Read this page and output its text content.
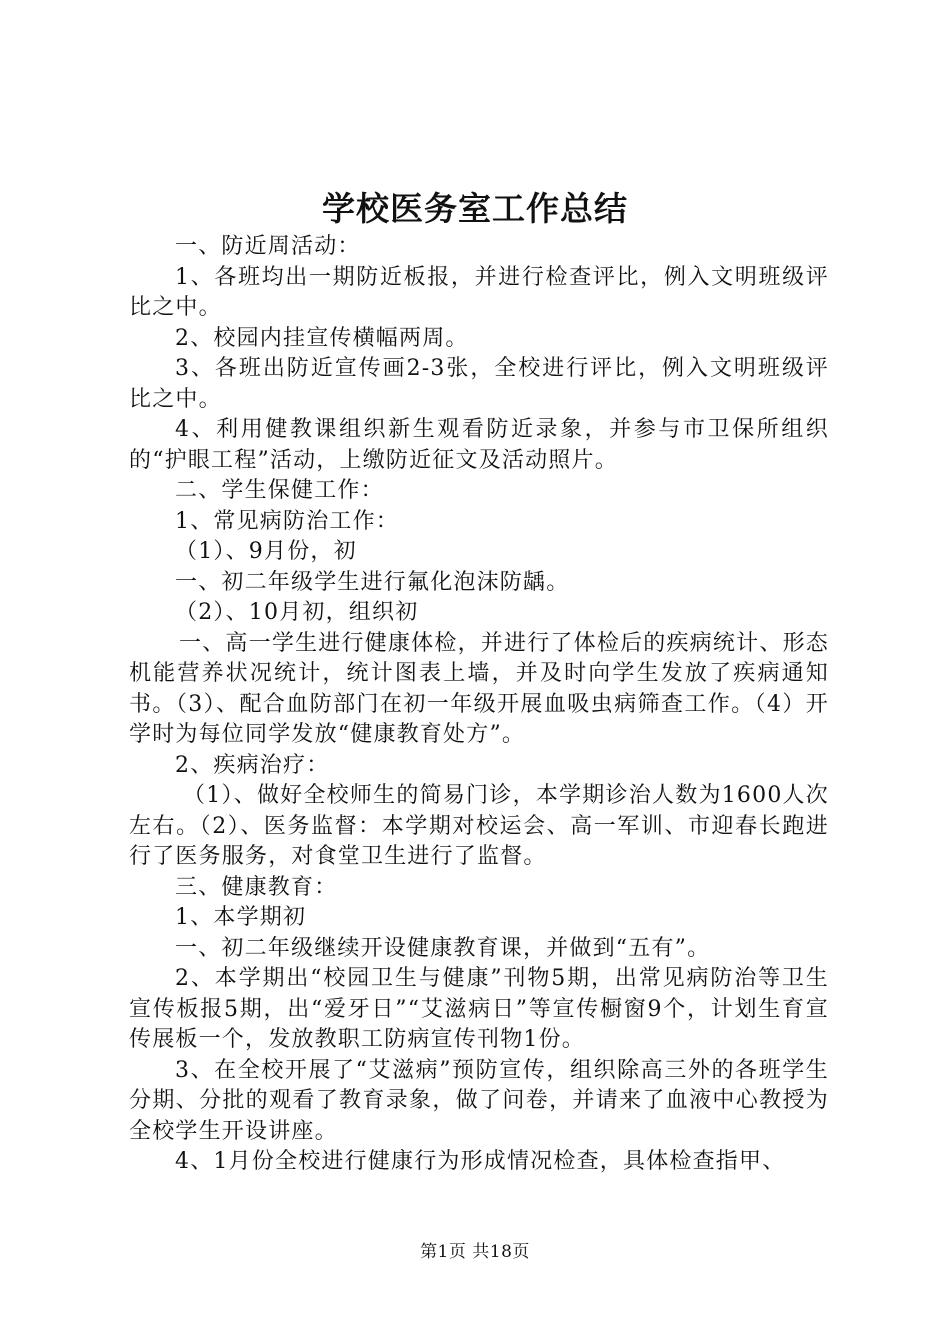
学校医务室工作总结

一、防近周活动：

1、各班均出一期防近板报，并进行检查评比，例入文明班级评比之中。

2、校园内挂宣传横幅两周。

3、各班出防近宣传画2-3张，全校进行评比，例入文明班级评比之中。

4、利用健教课组织新生观看防近录象，并参与市卫保所组织的“护眼工程”活动，上缴防近征文及活动照片。

二、学生保健工作：

1、常见病防治工作：

（1）、9月份，初

一、初二年级学生进行氟化泡沫防龋。

（2）、10月初，组织初

一、高一学生进行健康体检，并进行了体检后的疾病统计、形态机能营养状况统计，统计图表上墙，并及时向学生发放了疾病通知书。（3）、配合血防部门在初一年级开展血吸虫病筛查工作。（4）开学时为每位同学发放“健康教育处方”。

2、疾病治疗：

（1）、做好全校师生的简易门诊，本学期诊治人数为1600人次左右。（2）、医务监督：本学期对校运会、高一军训、市迎春长跑进行了医务服务，对食堂卫生进行了监督。

三、健康教育：

1、本学期初

一、初二年级继续开设健康教育课，并做到“五有”。

2、本学期出“校园卫生与健康”刊物5期，出常见病防治等卫生宣传板报5期，出“爱牙日”“艾滋病日”等宣传橱窗9个，计划生育宣传展板一个，发放教职工防病宣传刊物1份。

3、在全校开展了“艾滋病”预防宣传，组织除高三外的各班学生分期、分批的观看了教育录象，做了问卷，并请来了血液中心教授为全校学生开设讲座。

4、1月份全校进行健康行为形成情况检查，具体检查指甲、

第1页 共18页
